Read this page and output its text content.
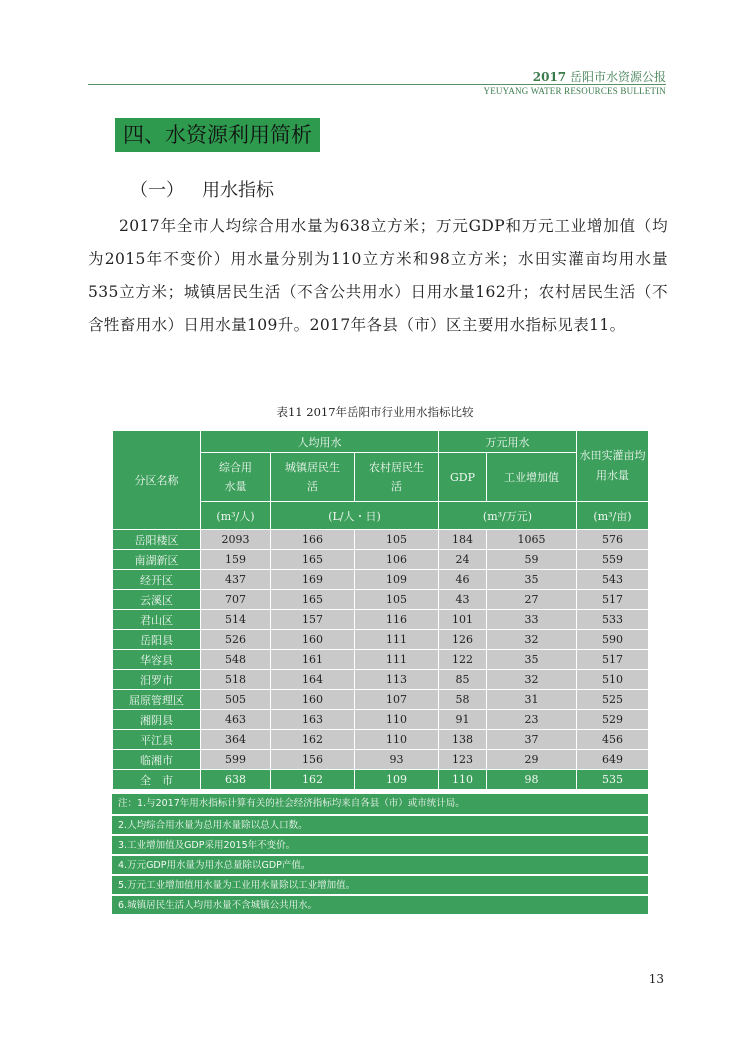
2017 岳阳市水资源公报
YEUYANG WATER RESOURCES BULLETIN
四、水资源利用简析
（一） 用水指标

2017年全市人均综合用水量为638立方米；万元GDP和万元工业增加值（均为2015年不变价）用水量分别为110立方米和98立方米；水田实灌亩均用水量535立方米；城镇居民生活（不含公共用水）日用水量162升；农村居民生活（不含牲畜用水）日用水量109升。2017年各县（市）区主要用水指标见表11。

表11 2017年岳阳市行业用水指标比较
分区名称	人均用水			万元用水		水田实灌亩均用水量
	综合用水量	城镇居民生活	农村居民生活	GDP	工业增加值	
	(m³/人)	(L/人・日)		(m³/万元)		(m³/亩)
岳阳楼区	2093	166	105	184	1065	576
南湖新区	159	165	106	24	59	559
经开区	437	169	109	46	35	543
云溪区	707	165	105	43	27	517
君山区	514	157	116	101	33	533
岳阳县	526	160	111	126	32	590
华容县	548	161	111	122	35	517
汨罗市	518	164	113	85	32	510
屈原管理区	505	160	107	58	31	525
湘阴县	463	163	110	91	23	529
平江县	364	162	110	138	37	456
临湘市	599	156	93	123	29	649
全　市	638	162	109	110	98	535
注：1.与2017年用水指标计算有关的社会经济指标均来自各县（市）或市统计局。
2.人均综合用水量为总用水量除以总人口数。
3.工业增加值及GDP采用2015年不变价。
4.万元GDP用水量为用水总量除以GDP产值。
5.万元工业增加值用水量为工业用水量除以工业增加值。
6.城镇居民生活人均用水量不含城镇公共用水。
13
